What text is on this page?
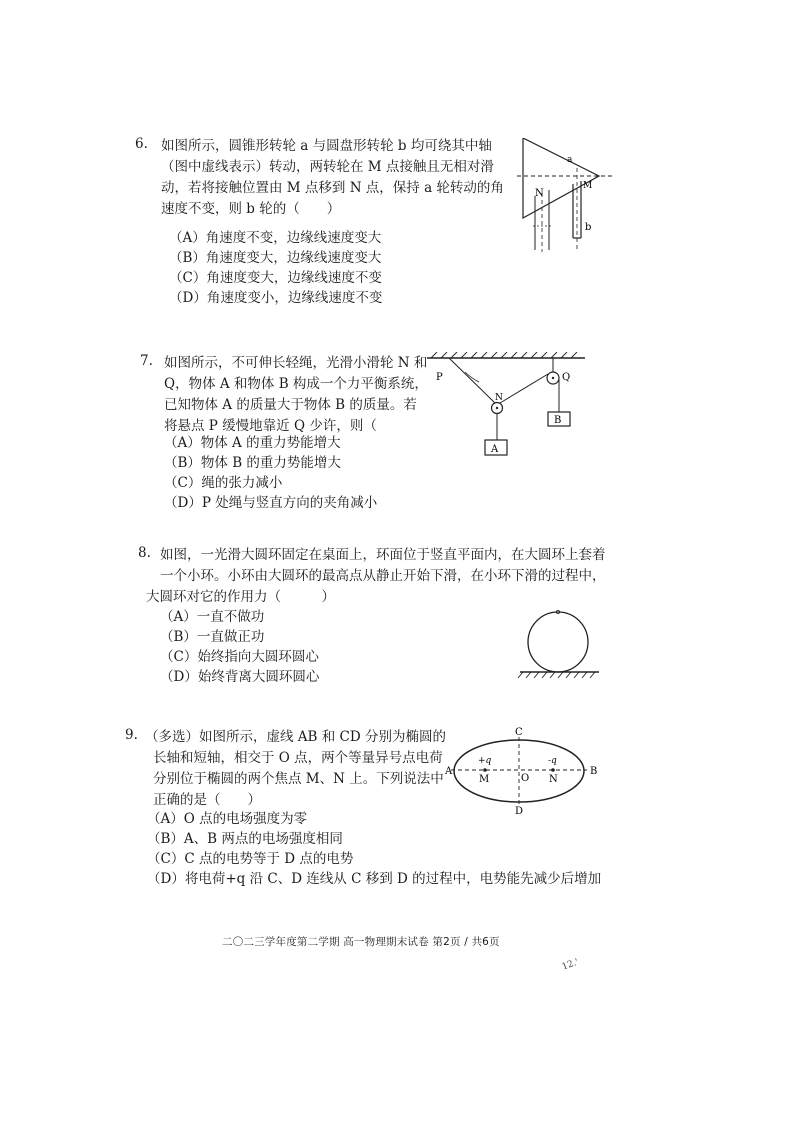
6. 如图所示，圆锥形转轮 a 与圆盘形转轮 b 均可绕其中轴
（图中虚线表示）转动，两转轮在 M 点接触且无相对滑
动，若将接触位置由 M 点移到 N 点，保持 a 轮转动的角
速度不变，则 b 轮的（　　）
（A）角速度不变，边缘线速度变大
（B）角速度变大，边缘线速度变大
（C）角速度变大，边缘线速度不变
（D）角速度变小，边缘线速度不变
a
N
M
b
7. 如图所示，不可伸长轻绳，光滑小滑轮 N 和
Q，物体 A 和物体 B 构成一个力平衡系统，
已知物体 A 的质量大于物体 B 的质量。若
将悬点 P 缓慢地靠近 Q 少许，则（
（A）物体 A 的重力势能增大
（B）物体 B 的重力势能增大
（C）绳的张力减小
（D）P 处绳与竖直方向的夹角减小
P	Q
N
A
B
8. 如图，一光滑大圆环固定在桌面上，环面位于竖直平面内，在大圆环上套着
一个小环。小环由大圆环的最高点从静止开始下滑，在小环下滑的过程中，
大圆环对它的作用力（　　　）
（A）一直不做功
（B）一直做正功
（C）始终指向大圆环圆心
（D）始终背离大圆环圆心
9. （多选）如图所示，虚线 AB 和 CD 分别为椭圆的
长轴和短轴，相交于 O 点，两个等量异号点电荷
分别位于椭圆的两个焦点 M、N 上。下列说法中
正确的是（　　）
（A）O 点的电场强度为零
（B）A、B 两点的电场强度相同
（C）C 点的电势等于 D 点的电势
（D）将电荷+q 沿 C、D 连线从 C 移到 D 的过程中，电势能先减少后增加
C
D
A	B
O
M	N
+q	-q
二〇二三学年度第二学期 高一物理期末试卷 第2页 / 共6页
12.'
